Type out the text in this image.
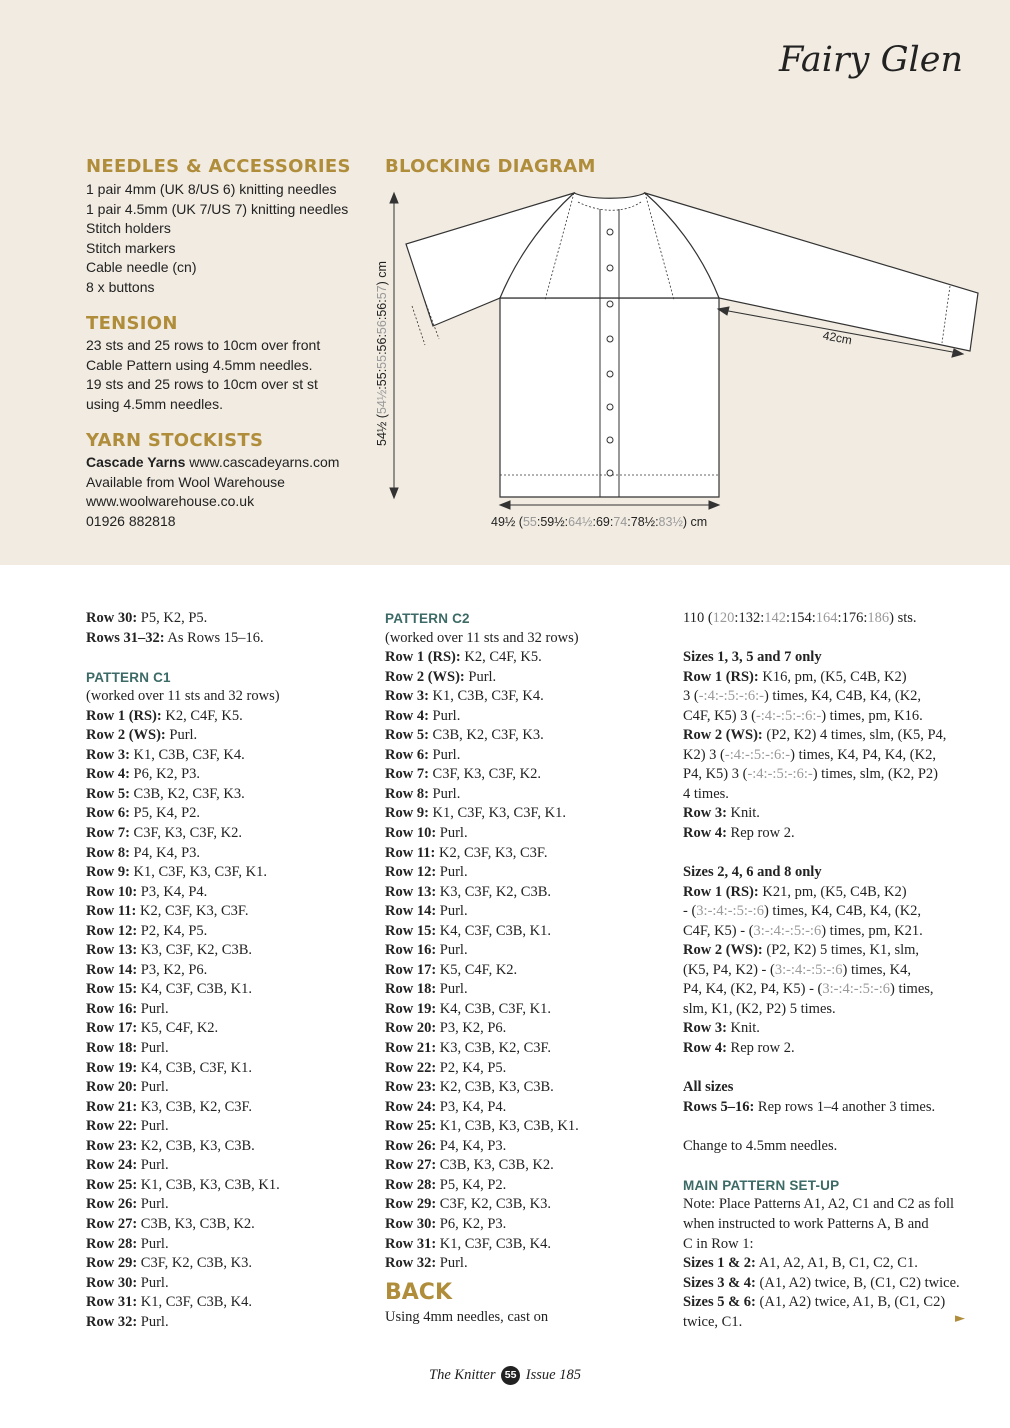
Fairy Glen
NEEDLES & ACCESSORIES
1 pair 4mm (UK 8/US 6) knitting needles
1 pair 4.5mm (UK 7/US 7) knitting needles
Stitch holders
Stitch markers
Cable needle (cn)
8 x buttons
TENSION
23 sts and 25 rows to 10cm over front
Cable Pattern using 4.5mm needles.
19 sts and 25 rows to 10cm over st st
using 4.5mm needles.
YARN STOCKISTS
Cascade Yarns www.cascadeyarns.com
Available from Wool Warehouse
www.woolwarehouse.co.uk
01926 882818
BLOCKING DIAGRAM
42cm
54½ (54½:55:55:56:56:56:57) cm
49½ (55:59½:64½:69:74:78½:83½) cm
Row 30: P5, K2, P5.
Rows 31–32: As Rows 15–16.
PATTERN C1
(worked over 11 sts and 32 rows)
Row 1 (RS): K2, C4F, K5.
Row 2 (WS): Purl.
Row 3: K1, C3B, C3F, K4.
Row 4: P6, K2, P3.
Row 5: C3B, K2, C3F, K3.
Row 6: P5, K4, P2.
Row 7: C3F, K3, C3F, K2.
Row 8: P4, K4, P3.
Row 9: K1, C3F, K3, C3F, K1.
Row 10: P3, K4, P4.
Row 11: K2, C3F, K3, C3F.
Row 12: P2, K4, P5.
Row 13: K3, C3F, K2, C3B.
Row 14: P3, K2, P6.
Row 15: K4, C3F, C3B, K1.
Row 16: Purl.
Row 17: K5, C4F, K2.
Row 18: Purl.
Row 19: K4, C3B, C3F, K1.
Row 20: Purl.
Row 21: K3, C3B, K2, C3F.
Row 22: Purl.
Row 23: K2, C3B, K3, C3B.
Row 24: Purl.
Row 25: K1, C3B, K3, C3B, K1.
Row 26: Purl.
Row 27: C3B, K3, C3B, K2.
Row 28: Purl.
Row 29: C3F, K2, C3B, K3.
Row 30: Purl.
Row 31: K1, C3F, C3B, K4.
Row 32: Purl.
PATTERN C2
(worked over 11 sts and 32 rows)
Row 1 (RS): K2, C4F, K5.
Row 2 (WS): Purl.
Row 3: K1, C3B, C3F, K4.
Row 4: Purl.
Row 5: C3B, K2, C3F, K3.
Row 6: Purl.
Row 7: C3F, K3, C3F, K2.
Row 8: Purl.
Row 9: K1, C3F, K3, C3F, K1.
Row 10: Purl.
Row 11: K2, C3F, K3, C3F.
Row 12: Purl.
Row 13: K3, C3F, K2, C3B.
Row 14: Purl.
Row 15: K4, C3F, C3B, K1.
Row 16: Purl.
Row 17: K5, C4F, K2.
Row 18: Purl.
Row 19: K4, C3B, C3F, K1.
Row 20: P3, K2, P6.
Row 21: K3, C3B, K2, C3F.
Row 22: P2, K4, P5.
Row 23: K2, C3B, K3, C3B.
Row 24: P3, K4, P4.
Row 25: K1, C3B, K3, C3B, K1.
Row 26: P4, K4, P3.
Row 27: C3B, K3, C3B, K2.
Row 28: P5, K4, P2.
Row 29: C3F, K2, C3B, K3.
Row 30: P6, K2, P3.
Row 31: K1, C3F, C3B, K4.
Row 32: Purl.
BACK
Using 4mm needles, cast on
110 (120:132:142:154:164:176:186) sts.
Sizes 1, 3, 5 and 7 only
Row 1 (RS): K16, pm, (K5, C4B, K2)
3 (-:4:-:5:-:6:-) times, K4, C4B, K4, (K2,
C4F, K5) 3 (-:4:-:5:-:6:-) times, pm, K16.
Row 2 (WS): (P2, K2) 4 times, slm, (K5, P4,
K2) 3 (-:4:-:5:-:6:-) times, K4, P4, K4, (K2,
P4, K5) 3 (-:4:-:5:-:6:-) times, slm, (K2, P2)
4 times.
Row 3: Knit.
Row 4: Rep row 2.
Sizes 2, 4, 6 and 8 only
Row 1 (RS): K21, pm, (K5, C4B, K2)
- (3:-:4:-:5:-:6) times, K4, C4B, K4, (K2,
C4F, K5) - (3:-:4:-:5:-:6) times, pm, K21.
Row 2 (WS): (P2, K2) 5 times, K1, slm,
(K5, P4, K2) - (3:-:4:-:5:-:6) times, K4,
P4, K4, (K2, P4, K5) - (3:-:4:-:5:-:6) times,
slm, K1, (K2, P2) 5 times.
Row 3: Knit.
Row 4: Rep row 2.
All sizes
Rows 5–16: Rep rows 1–4 another 3 times.
Change to 4.5mm needles.
MAIN PATTERN SET-UP
Note: Place Patterns A1, A2, C1 and C2 as foll
when instructed to work Patterns A, B and
C in Row 1:
Sizes 1 & 2: A1, A2, A1, B, C1, C2, C1.
Sizes 3 & 4: (A1, A2) twice, B, (C1, C2) twice.
Sizes 5 & 6: (A1, A2) twice, A1, B, (C1, C2)
twice, C1.	►
The Knitter 55 Issue 185
